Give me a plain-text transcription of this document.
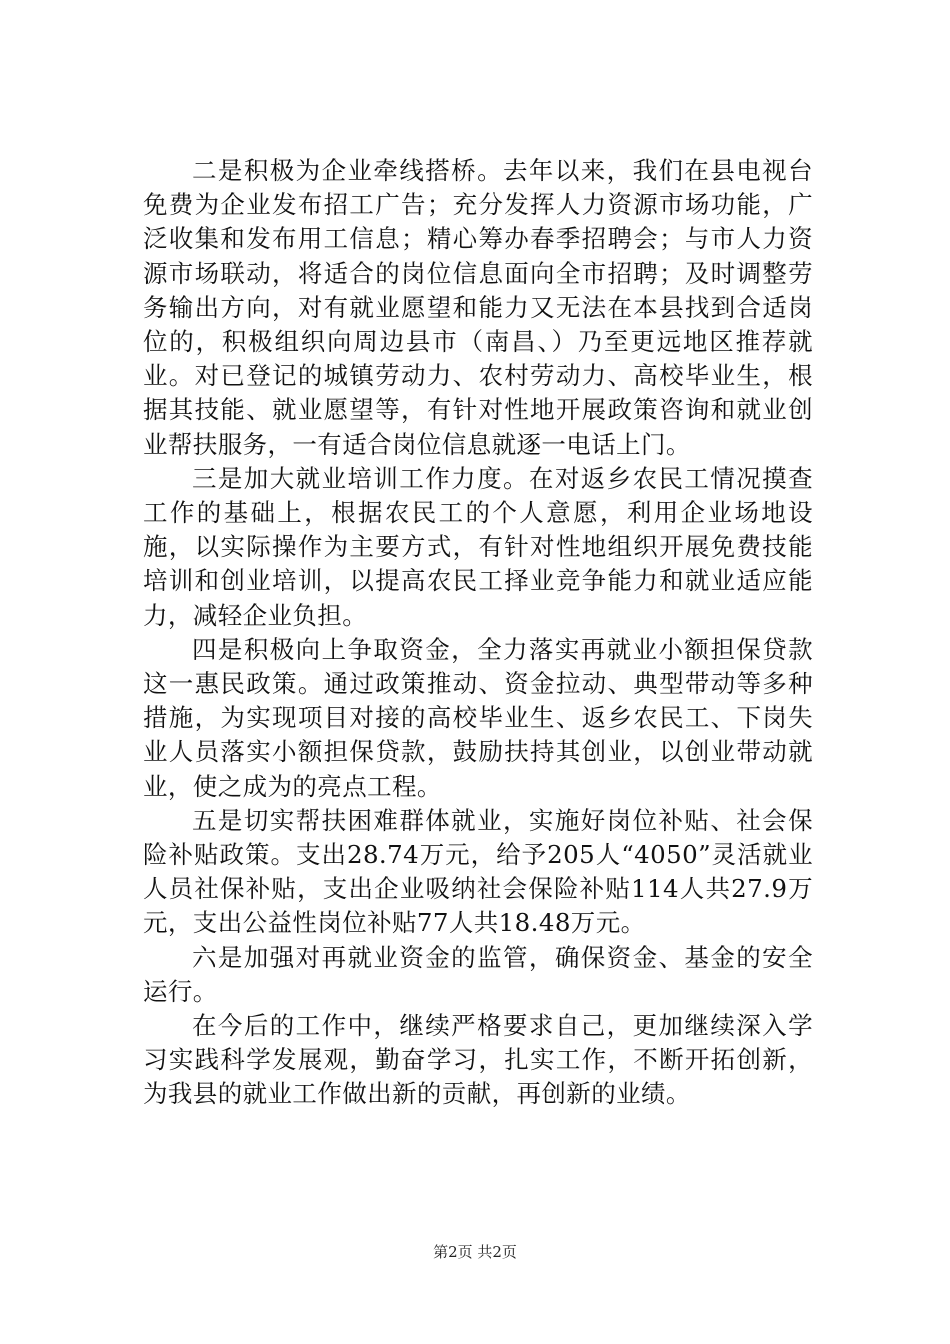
二是积极为企业牵线搭桥。去年以来，我们在县电视台免费为企业发布招工广告；充分发挥人力资源市场功能，广泛收集和发布用工信息；精心筹办春季招聘会；与市人力资源市场联动，将适合的岗位信息面向全市招聘；及时调整劳务输出方向，对有就业愿望和能力又无法在本县找到合适岗位的，积极组织向周边县市（南昌、）乃至更远地区推荐就业。对已登记的城镇劳动力、农村劳动力、高校毕业生，根据其技能、就业愿望等，有针对性地开展政策咨询和就业创业帮扶服务，一有适合岗位信息就逐一电话上门。

三是加大就业培训工作力度。在对返乡农民工情况摸查工作的基础上，根据农民工的个人意愿，利用企业场地设施，以实际操作为主要方式，有针对性地组织开展免费技能培训和创业培训，以提高农民工择业竞争能力和就业适应能力，减轻企业负担。

四是积极向上争取资金，全力落实再就业小额担保贷款这一惠民政策。通过政策推动、资金拉动、典型带动等多种措施，为实现项目对接的高校毕业生、返乡农民工、下岗失业人员落实小额担保贷款，鼓励扶持其创业，以创业带动就业，使之成为的亮点工程。

五是切实帮扶困难群体就业，实施好岗位补贴、社会保险补贴政策。支出28.74万元，给予205人“4050”灵活就业人员社保补贴，支出企业吸纳社会保险补贴114人共27.9万元，支出公益性岗位补贴77人共18.48万元。

六是加强对再就业资金的监管，确保资金、基金的安全运行。

在今后的工作中，继续严格要求自己，更加继续深入学习实践科学发展观，勤奋学习，扎实工作，不断开拓创新，为我县的就业工作做出新的贡献，再创新的业绩。

第2页 共2页
